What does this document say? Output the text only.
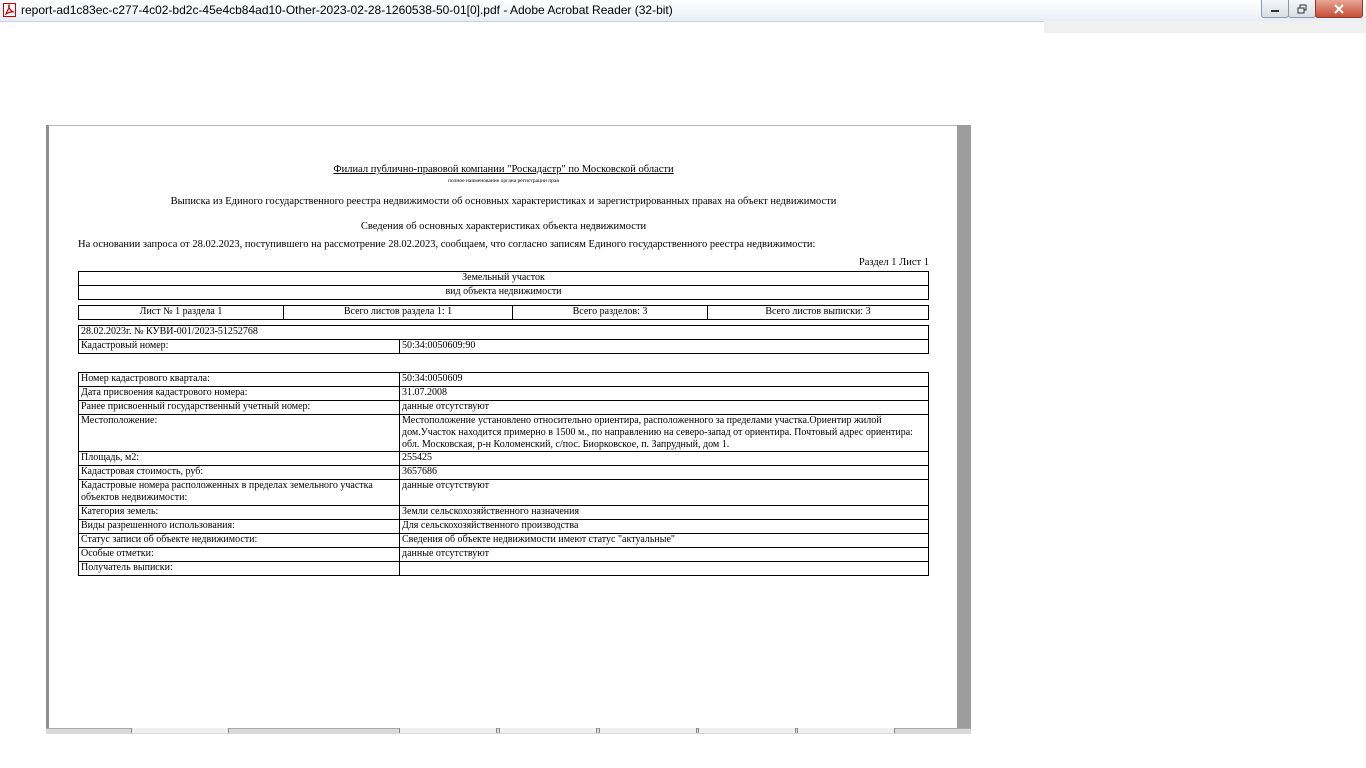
report-ad1c83ec-c277-4c02-bd2c-45e4cb84ad10-Other-2023-02-28-1260538-50-01[0].pdf - Adobe Acrobat Reader (32-bit)
Филиал публично-правовой компании "Роскадастр" по Московской области
полное наименование органа регистрации прав
Выписка из Единого государственного реестра недвижимости об основных характеристиках и зарегистрированных правах на объект недвижимости
Сведения об основных характеристиках объекта недвижимости
На основании запроса от 28.02.2023, поступившего на рассмотрение 28.02.2023, сообщаем, что согласно записям Единого государственного реестра недвижимости:
Раздел 1 Лист 1
Земельный участок
вид объекта недвижимости
Лист № 1 раздела 1	Всего листов раздела 1: 1	Всего разделов: 3	Всего листов выписки: 3
28.02.2023г. № КУВИ-001/2023-51252768
Кадастровый номер:	50:34:0050609:90
Номер кадастрового квартала:	50:34:0050609
Дата присвоения кадастрового номера:	31.07.2008
Ранее присвоенный государственный учетный номер:	данные отсутствуют
Местоположение:	Местоположение установлено относительно ориентира, расположенного за пределами участка.Ориентир жилой дом.Участок находится примерно в 1500 м., по направлению на северо-запад от ориентира. Почтовый адрес ориентира: обл. Московская, р-н Коломенский, с/пос. Биорковское, п. Запрудный, дом 1.
Площадь, м2:	255425
Кадастровая стоимость, руб:	3657686
Кадастровые номера расположенных в пределах земельного участка объектов недвижимости:	данные отсутствуют
Категория земель:	Земли сельскохозяйственного назначения
Виды разрешенного использования:	Для сельскохозяйственного производства
Статус записи об объекте недвижимости:	Сведения об объекте недвижимости имеют статус "актуальные"
Особые отметки:	данные отсутствуют
Получатель выписки:	
